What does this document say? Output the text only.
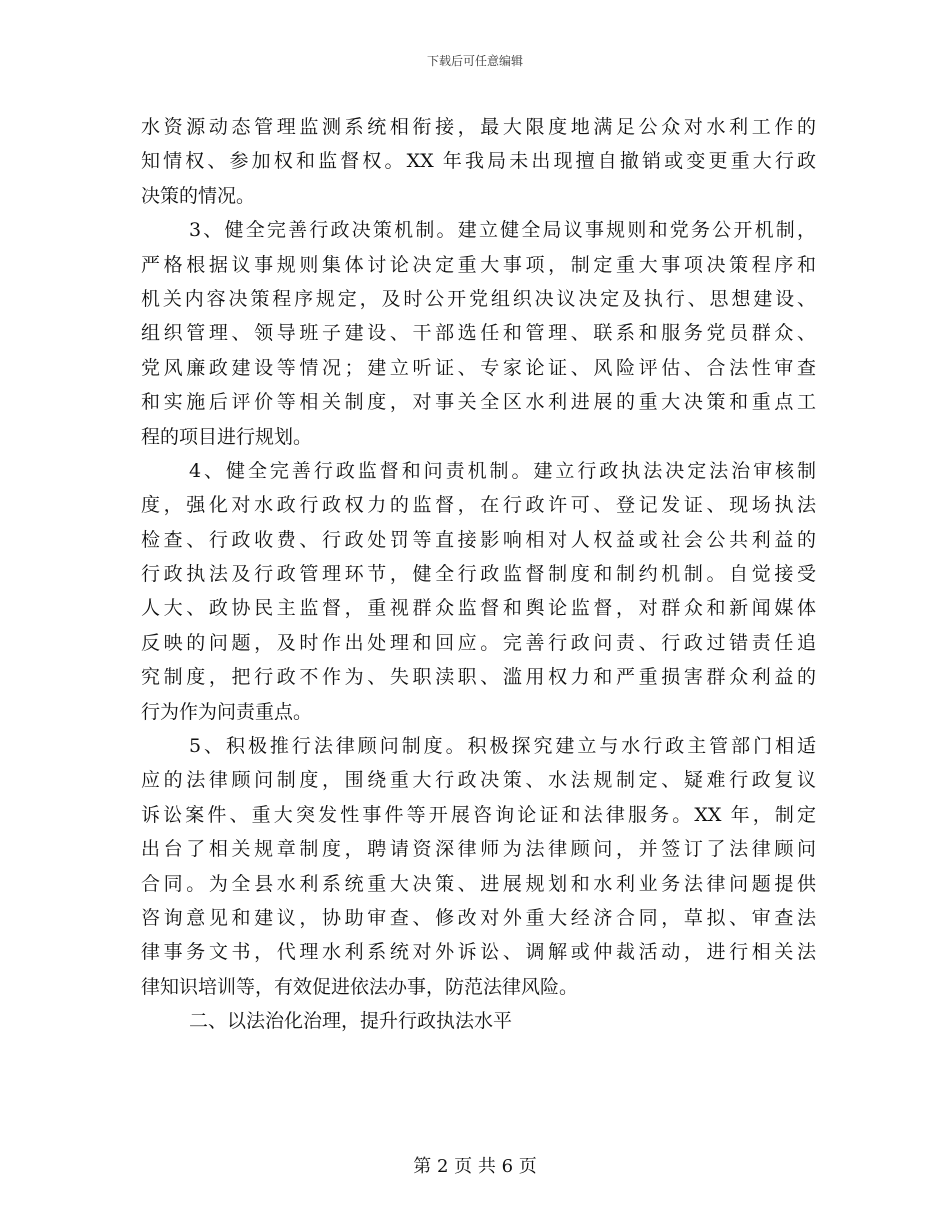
下载后可任意编辑
水资源动态管理监测系统相衔接，最大限度地满足公众对水利工作的
知情权、参加权和监督权。XX 年我局未出现擅自撤销或变更重大行政
决策的情况。
3、健全完善行政决策机制。建立健全局议事规则和党务公开机制，
严格根据议事规则集体讨论决定重大事项，制定重大事项决策程序和
机关内容决策程序规定，及时公开党组织决议决定及执行、思想建设、
组织管理、领导班子建设、干部选任和管理、联系和服务党员群众、
党风廉政建设等情况；建立听证、专家论证、风险评估、合法性审查
和实施后评价等相关制度，对事关全区水利进展的重大决策和重点工
程的项目进行规划。
4、健全完善行政监督和问责机制。建立行政执法决定法治审核制
度，强化对水政行政权力的监督，在行政许可、登记发证、现场执法
检查、行政收费、行政处罚等直接影响相对人权益或社会公共利益的
行政执法及行政管理环节，健全行政监督制度和制约机制。自觉接受
人大、政协民主监督，重视群众监督和舆论监督，对群众和新闻媒体
反映的问题，及时作出处理和回应。完善行政问责、行政过错责任追
究制度，把行政不作为、失职渎职、滥用权力和严重损害群众利益的
行为作为问责重点。
5、积极推行法律顾问制度。积极探究建立与水行政主管部门相适
应的法律顾问制度，围绕重大行政决策、水法规制定、疑难行政复议
诉讼案件、重大突发性事件等开展咨询论证和法律服务。XX 年，制定
出台了相关规章制度，聘请资深律师为法律顾问，并签订了法律顾问
合同。为全县水利系统重大决策、进展规划和水利业务法律问题提供
咨询意见和建议，协助审查、修改对外重大经济合同，草拟、审查法
律事务文书，代理水利系统对外诉讼、调解或仲裁活动，进行相关法
律知识培训等，有效促进依法办事，防范法律风险。
二、以法治化治理，提升行政执法水平
第 2 页 共 6 页
